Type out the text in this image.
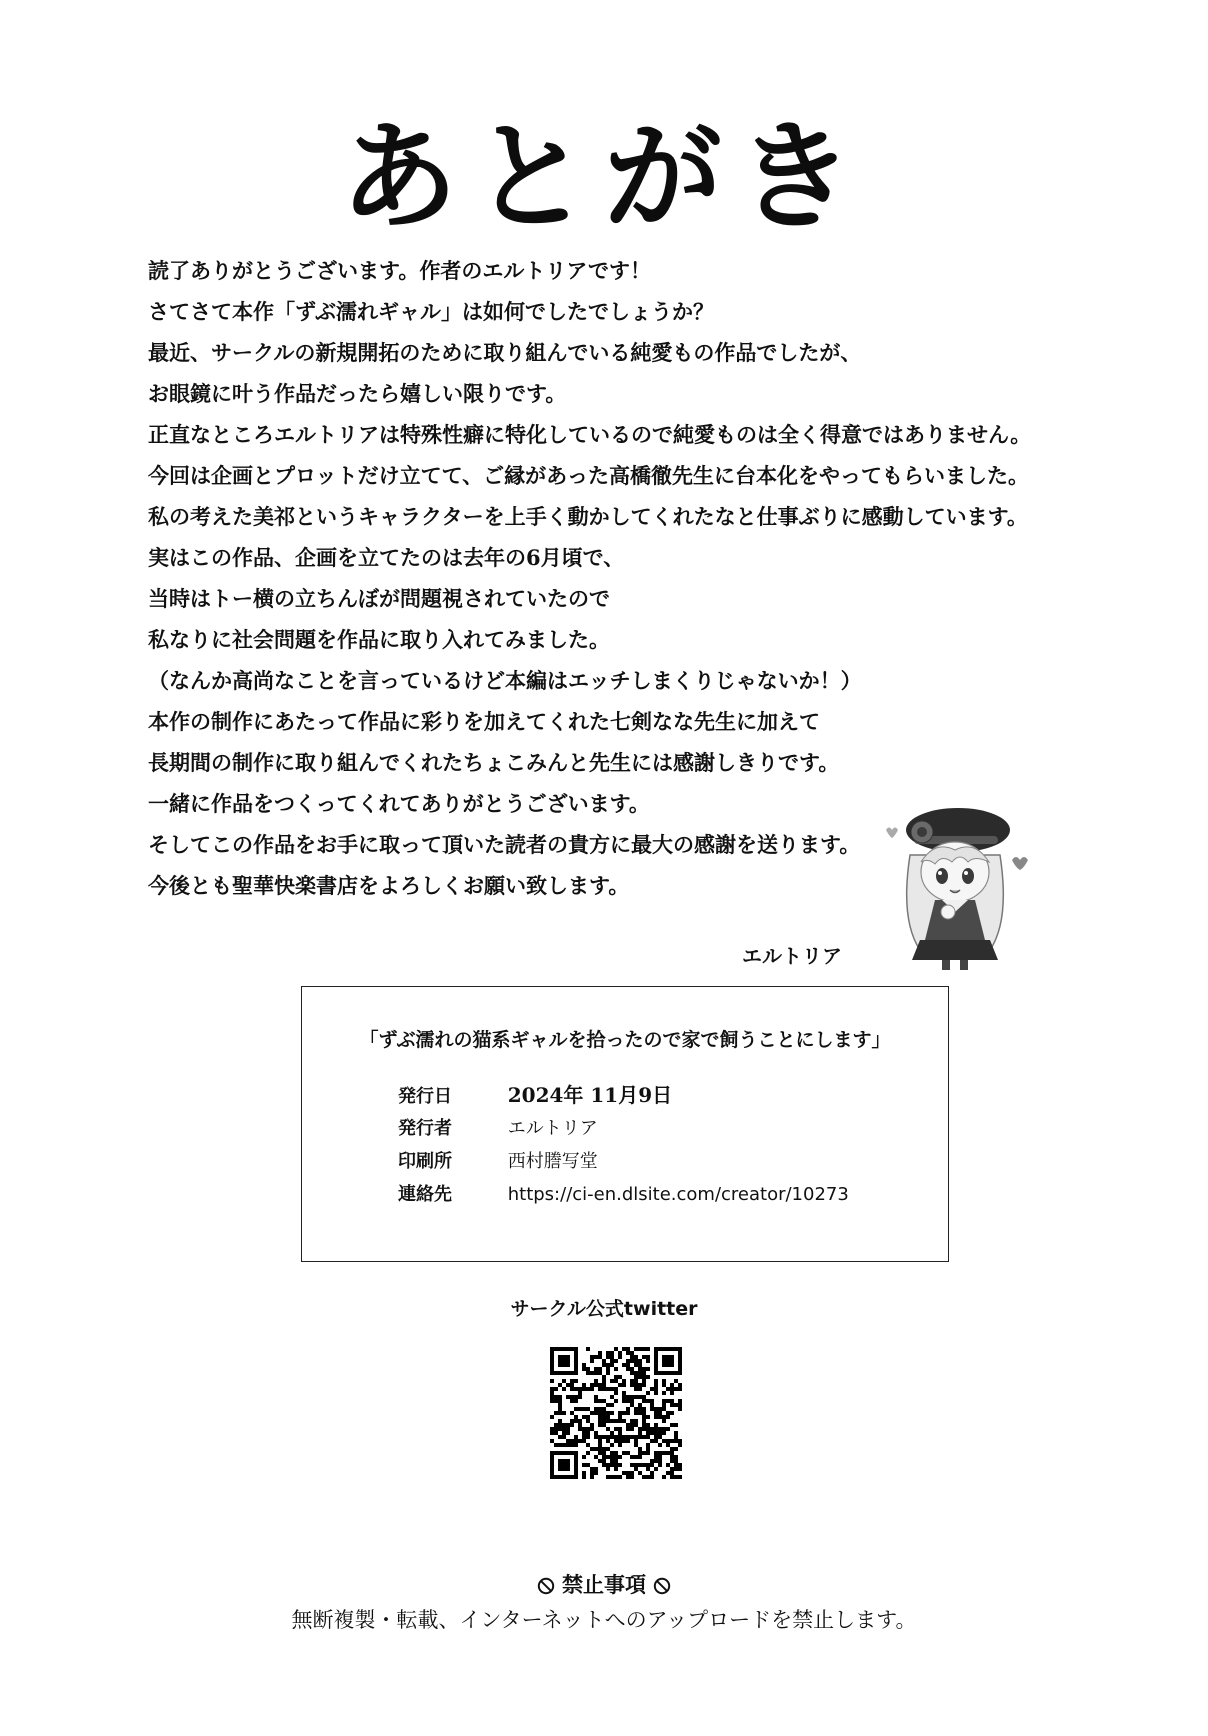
あとがき
読了ありがとうございます。作者のエルトリアです！
さてさて本作「ずぶ濡れギャル」は如何でしたでしょうか？
最近、サークルの新規開拓のために取り組んでいる純愛もの作品でしたが、
お眼鏡に叶う作品だったら嬉しい限りです。
正直なところエルトリアは特殊性癖に特化しているので純愛ものは全く得意ではありません。
今回は企画とプロットだけ立てて、ご縁があった高橋徹先生に台本化をやってもらいました。
私の考えた美祁というキャラクターを上手く動かしてくれたなと仕事ぶりに感動しています。
実はこの作品、企画を立てたのは去年の6月頃で、
当時はトー横の立ちんぼが問題視されていたので
私なりに社会問題を作品に取り入れてみました。
（なんか高尚なことを言っているけど本編はエッチしまくりじゃないか！）
本作の制作にあたって作品に彩りを加えてくれた七剣なな先生に加えて
長期間の制作に取り組んでくれたちょこみんと先生には感謝しきりです。
一緒に作品をつくってくれてありがとうございます。
そしてこの作品をお手に取って頂いた読者の貴方に最大の感謝を送ります。
今後とも聖華快楽書店をよろしくお願い致します。
エルトリア
「ずぶ濡れの猫系ギャルを拾ったので家で飼うことにします」
発行日	2024年 11月9日
発行者	エルトリア
印刷所	西村謄写堂
連絡先	https://ci-en.dlsite.com/creator/10273
サークル公式twitter
禁止事項
無断複製・転載、インターネットへのアップロードを禁止します。
